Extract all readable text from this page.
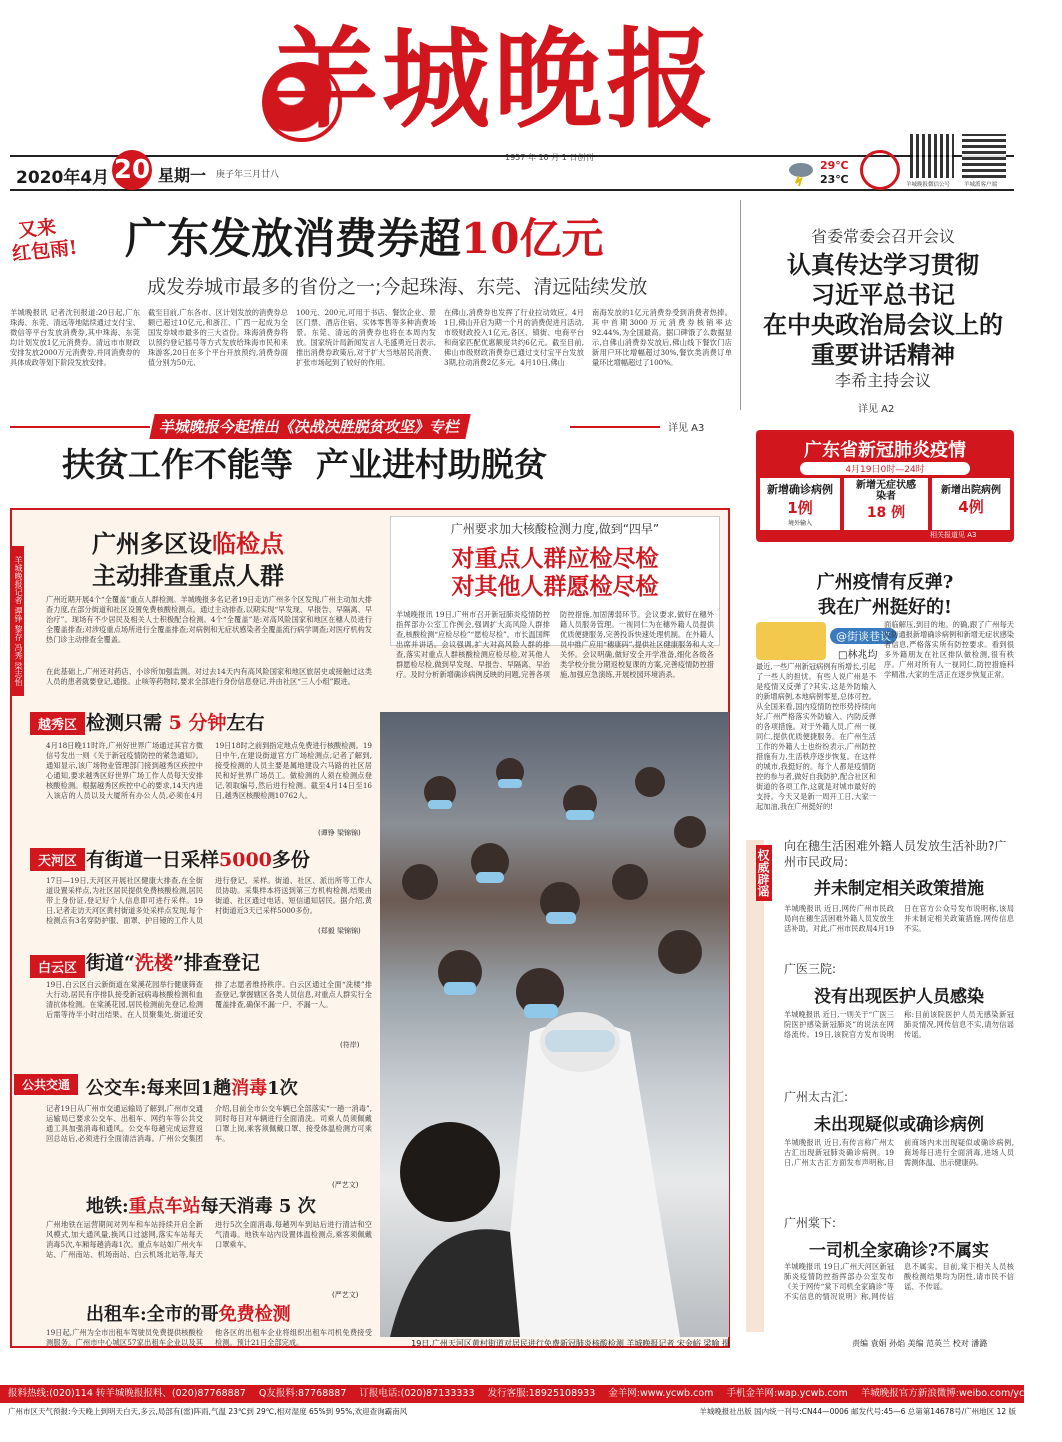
羊城晚报
1957 年 10 月 1 日创刊
2020年4月 20 星期一 庚子年三月廿八
29℃
23℃	羊城晚报微信公号	羊城派客户端
又来
红包雨! 广东发放消费券超10亿元
成发券城市最多的省份之一;今起珠海、东莞、清远陆续发放
羊城晚报讯 记者沈钊报道:20日起,广东珠海、东莞、清远等地陆续通过支付宝、微信等平台发放消费券,其中珠海、东莞均计划发放1亿元消费券。清远市市财政安排发放2000万元消费券,并同消费券的具体成政等划下阶段发放安排。
截至目前,广东各市、区计划发放的消费券总额已超过10亿元,和浙江、广西一起成为全国发券城市最多的三大省份。珠海消费券将以预约登记摇号等方式发放给珠海市民和来珠游客,20日在多个平台开放预约,消费券面值分别为50元、
100元、200元,可用于书店、餐饮企业、景区门票、酒店住宿、实体零售等多种消费场景。东莞、清远的消费券也将在本周内发放。国家统计局新闻发言人毛盛勇近日表示,推出消费券政策后,对于扩大当地居民消费、扩张市场起到了较好的作用。
在佛山,消费券也发挥了行业拉动效应。4月1日,佛山开启为期一个月的消费促进月活动,市级财政投入1亿元,各区、镇街、电商平台和商家匹配优惠额度共约6亿元。截至目前,佛山市级财政消费券已通过支付宝平台发放3期,拉动消费2亿多元。4月10日,佛山
南海发放的1亿元消费券受到消费者热捧。其中首期3000万元消费券核销率达92.44%,为全国最高。据口碑饿了么数据显示,自佛山消费券发放后,佛山线下餐饮门店新用户环比增幅超过30%,餐饮类消费订单量环比增幅超过了100%。
省委常委会召开会议
认真传达学习贯彻
习近平总书记
在中央政治局会议上的
重要讲话精神
李希主持会议
详见 A2
羊城晚报今起推出《决战决胜脱贫攻坚》专栏	详见 A3
扶贫工作不能等  产业进村助脱贫	广东省新冠肺炎疫情
4月19日0时—24时
新增确诊病例
1例
境外输入
新增无症状感染者
18 例
新增出院病例
4例
相关报道见 A3
羊城晚报记者 谭铮 黎存 冯秀 梁志怡
广州多区设临检点
主动排查重点人群
广州近期开展4个“全覆盖”重点人群检测。羊城晚报多名记者19日走访广州多个区发现,广州主动加大排查力度,在部分街道和社区设置免费核酸检测点。通过主动排查,以期实现“早发现、早报告、早隔离、早治疗”。现场有不少居民及相关人士积极配合检测。4个“全覆盖”是:对高风险国家和地区在穗人员进行全覆盖排查;对涉疫重点场所进行全覆盖排查;对病例和无症状感染者全覆盖流行病学调查;对医疗机构发热门诊主动排查全覆盖。
在此基础上,广州还对药店、小诊所加强监测。对过去14天内有高风险国家和地区旅居史或接触过这类人员的患者就要登记,通报。止咳等药物时,要求全部进行身份信息登记,并由社区“三人小组”跟进。
越秀区 检测只需 5 分钟左右
4月18日晚11时许,广州好世界广场通过其官方微信号发出一则《关于新冠疫情防控的紧急通知》。通知显示,该广场物业管理部门接到越秀区疾控中心通知,要求越秀区好世界广场工作人员每天安排核酸检测。根据越秀区疾控中心的要求,14天内进入该店的人员以及大厦所有办公人员,必须在4月19日18时之前到指定地点免费进行核酸检测。19日中午,在建设街道官方广场检测点,记者了解到,接受检测的人员主要是属地建设六马路的社区居民和好世界广场员工。做检测的人须在检测点登记,领取编号,然后进行检测。截至4月14日至16日,越秀区核酸检测10762人。
(谭铮 梁锦锦)
天河区 有街道一日采样5000多份
17日—19日,天河区开展社区健康大排查,在全街道设置采样点,为社区居民提供免费核酸检测,居民带上身份证,登记好个人信息即可进行采样。19日,记者走访天河区黄村街道多处采样点发现,每个检测点有3名穿防护服、面罩、护目镜的工作人员进行登记、采样。街道、社区、派出所等工作人员协助。采集样本将送到第三方机构检测,结果由街道、社区通过电话、短信通知居民。据介绍,黄村街道近3天已采样5000多份。
(郑毅 梁锦锦)
白云区 街道“洗楼”排查登记
19日,白云区白云新街道在棠溪花园举行健康筛查大行动,居民有序排队接受新冠病毒核酸检测和血清抗体检测。在棠溪花园,居民检测前先登记,检测后需等待半小时出结果。在人员聚集处,街道还安排了志愿者维持秩序。白云区通过全面“洗楼”排查登记,掌握辖区各类人员信息,对重点人群实行全覆盖排查,确保不漏一户、不漏一人。
(符岸)
公共交通 公交车:每来回1趟消毒1次
记者19日从广州市交通运输局了解到,广州市交通运输局已要求公交车、出租车、网约车等公共交通工具加强消毒和通风。公交车每趟完成运营返回总站后,必须进行全面清洁消毒。广州公交集团介绍,目前全市公交车辆已全部落实“一趟一消毒”,同时每日对车辆进行全面清洗。司乘人员须佩戴口罩上岗,乘客须佩戴口罩、接受体温检测方可乘车。
(严艺文)
地铁:重点车站每天消毒 5 次
广州地铁在运营期间对列车和车站持续开启全新风模式,加大通风量,换风口过滤网,落实车站每天消毒5次,车厢每趟消毒1次。重点车站如广州火车站、广州南站、机场南站、白云机场北站等,每天进行5次全面消毒,每趟列车到站后进行清洁和空气清毒。地铁车站内设置体温检测点,乘客须佩戴口罩乘车。
(严艺文)
出租车:全市的哥免费检测
19日起,广州为全市出租车驾驶员免费提供核酸检测服务。广州市中心城区57家出租车企业以及其他各区的出租车企业将组织出租车司机免费接受检测。预计21日全部完成。
广州要求加大核酸检测力度,做到“四早”
对重点人群应检尽检
对其他人群愿检尽检
羊城晚报讯 19日,广州市召开新冠肺炎疫情防控指挥部办公室工作例会,强调扩大高风险人群排查,核酸检测“应检尽检”“愿检尽检”。市长温国辉出席并讲话。会议强调,扩大对高风险人群的排查,落实对重点人群核酸检测应检尽检,对其他人群愿检尽检,做到早发现、早报告、早隔离、早治疗。及时分析新增确诊病例反映的问题,完善各项防控措施,加固薄弱环节。会议要求,做好在穗外籍人员服务管理。一视同仁为在穗外籍人员提供优质便捷服务,完善投诉快速处理机制。在外籍人员中推广应用“穗康码”,提供社区健康服务和人文关怀。会议明确,做好安全开学准备,细化各级各类学校分批分期返校复课的方案,完善疫情防控措施,加强应急演练,开展校园环境消杀。
19日,广州天河区黄村街道对居民进行免费新冠肺炎核酸检测 羊城晚报记者 宋金峪 梁喻 摄
广州疫情有反弹?
我在广州挺好的!
@街谈巷议
□林兆均
最近,一些广州新冠病例有所增长,引起了一些人的担忧。有些人说广州是不是疫情又反弹了?其实,这是外防输入的新增病例,本地病例零星,总体可控。从全国来看,国内疫情防控形势持续向好,广州严格落实外防输入、内防反弹的各项措施。对于外籍人员,广州一视同仁,提供优质便捷服务。在广州生活工作的外籍人士也纷纷表示,广州防控措施有力,生活秩序逐步恢复。在这样的城市,我挺好的。每个人都是疫情防控的参与者,做好自我防护,配合社区和街道的各项工作,这就是对城市最好的支持。今天又是新一周开工日,大家一起加油,我在广州挺好的!
面临解压,到目的地。的确,跟了广州每天反防通报新增确诊病例和新增无症状感染者信息,严格落实所有防控要求。看到很多外籍朋友在社区排队做检测,很有秩序。广州对所有人一视同仁,防控措施科学精准,大家的生活正在逐步恢复正常。
权威辟谣
向在穗生活困难外籍人员发放生活补助?广州市民政局:
并未制定相关政策措施
羊城晚报讯 近日,网传广州市民政局向在穗生活困难外籍人员发放生活补助。对此,广州市民政局4月19日在官方公众号发布说明称,该局并未制定相关政策措施,网传信息不实。
广医三院:
没有出现医护人员感染
羊城晚报讯 近日,一则关于“广医三院医护感染新冠肺炎”的说法在网络流传。19日,该院官方发布说明称:目前该院医护人员无感染新冠肺炎情况,网传信息不实,请勿信谣传谣。
广州太古汇:
未出现疑似或确诊病例
羊城晚报讯 近日,有传言称广州太古汇出现新冠肺炎确诊病例。19日,广州太古汇方面发布声明称,目前商场内未出现疑似或确诊病例,商场每日进行全面消毒,进场人员需测体温、出示健康码。
广州棠下:
一司机全家确诊?不属实
羊城晚报讯 19日,广州天河区新冠肺炎疫情防控指挥部办公室发布《关于网传“棠下司机全家确诊”等不实信息的情况说明》称,网传信息不属实。目前,棠下相关人员核酸检测结果均为阴性,请市民不信谣、不传谣。
责编 袁娟 孙焰 美编 范英兰 校对 潘潞
报料热线:(020)114 转羊城晚报报料、(020)87768887 Q友报料:87768887 订报电话:(020)87133333 发行客服:18925108933 金羊网:www.ycwb.com 手机金羊网:wap.ycwb.com 羊城晚报官方新浪微博:weibo.com/ycwb2010
广州市区天气预报:今天晚上到明天白天,多云,局部有(雷)阵雨,气温 23℃到 29℃,相对湿度 65%到 95%,欢迎查询霸南风	羊城晚报社出版 国内统一刊号:CN44—0006 邮发代号:45—6 总第第14678号/广州地区 12 版
